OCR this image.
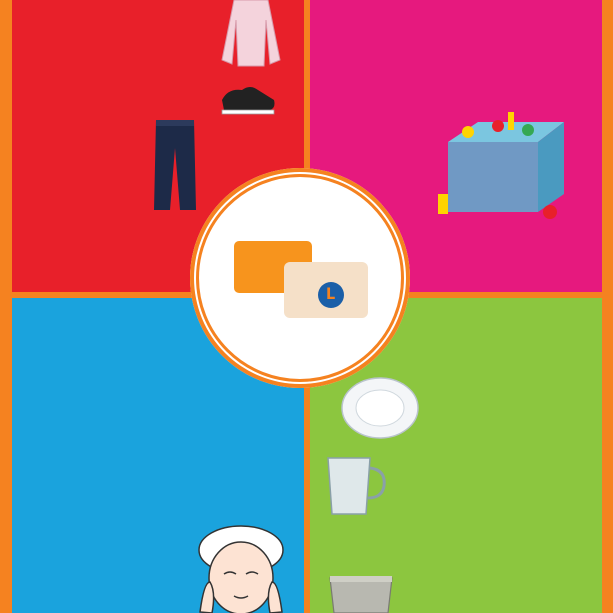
L
